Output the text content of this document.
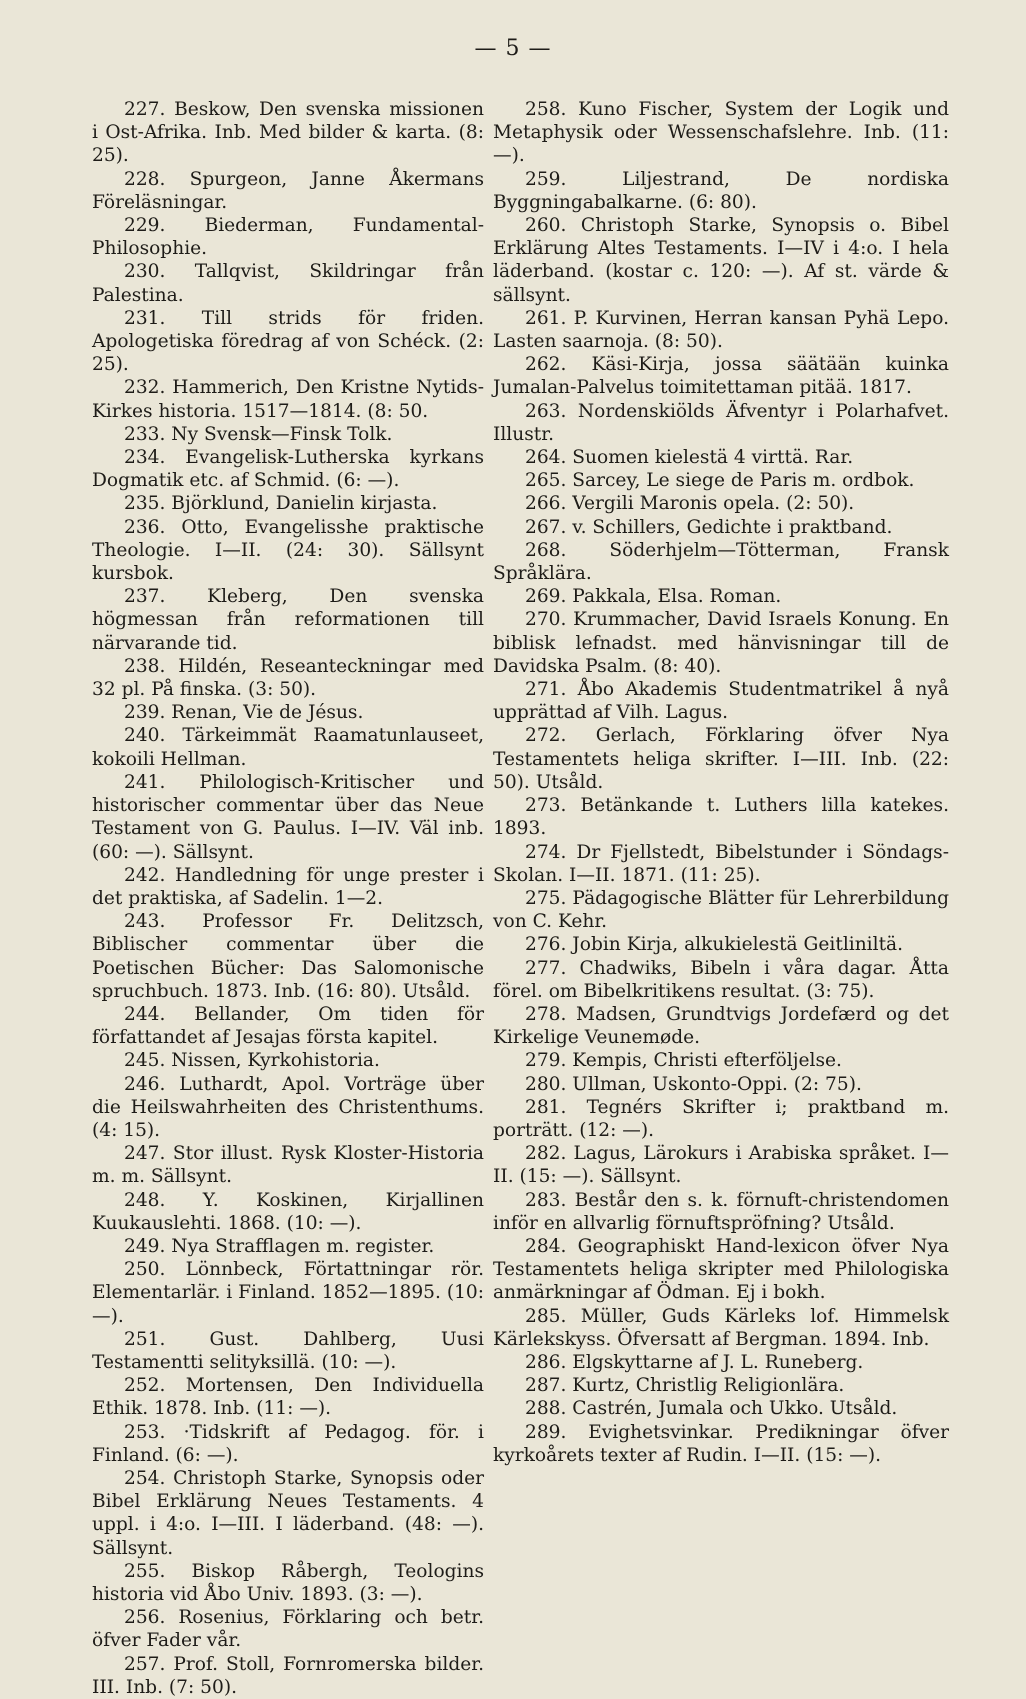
— 5 —

227. Beskow, Den svenska missionen i Ost-Afrika. Inb. Med bilder & karta. (8: 25).

228. Spurgeon, Janne Åkermans Föreläsningar.

229. Biederman, Fundamental-Philosophie.

230. Tallqvist, Skildringar från Palestina.

231. Till strids för friden. Apologetiska föredrag af von Schéck. (2: 25).

232. Hammerich, Den Kristne Nytids-Kirkes historia. 1517—1814. (8: 50.

233. Ny Svensk—Finsk Tolk.

234. Evangelisk-Lutherska kyrkans Dogmatik etc. af Schmid. (6: —).

235. Björklund, Danielin kirjasta.

236. Otto, Evangelisshe praktische Theologie. I—II. (24: 30). Sällsynt kursbok.

237. Kleberg, Den svenska högmessan från reformationen till närvarande tid.

238. Hildén, Reseanteckningar med 32 pl. På finska. (3: 50).

239. Renan, Vie de Jésus.

240. Tärkeimmät Raamatunlauseet, kokoili Hellman.

241. Philologisch-Kritischer und historischer commentar über das Neue Testament von G. Paulus. I—IV. Väl inb. (60: —). Sällsynt.

242. Handledning för unge prester i det praktiska, af Sadelin. 1—2.

243. Professor Fr. Delitzsch, Biblischer commentar über die Poetischen Bücher: Das Salomonische spruchbuch. 1873. Inb. (16: 80). Utsåld.

244. Bellander, Om tiden för författandet af Jesajas första kapitel.

245. Nissen, Kyrkohistoria.

246. Luthardt, Apol. Vorträge über die Heilswahrheiten des Christenthums. (4: 15).

247. Stor illust. Rysk Kloster-Historia m. m. Sällsynt.

248. Y. Koskinen, Kirjallinen Kuukauslehti. 1868. (10: —).

249. Nya Strafflagen m. register.

250. Lönnbeck, Förtattningar rör. Elementarlär. i Finland. 1852—1895. (10: —).

251. Gust. Dahlberg, Uusi Testamentti selityksillä. (10: —).

252. Mortensen, Den Individuella Ethik. 1878. Inb. (11: —).

253. ·Tidskrift af Pedagog. för. i Finland. (6: —).

254. Christoph Starke, Synopsis oder Bibel Erklärung Neues Testaments. 4 uppl. i 4:o. I—III. I läderband. (48: —). Sällsynt.

255. Biskop Råbergh, Teologins historia vid Åbo Univ. 1893. (3: —).

256. Rosenius, Förklaring och betr. öfver Fader vår.

257. Prof. Stoll, Fornromerska bilder. III. Inb. (7: 50).

258. Kuno Fischer, System der Logik und Metaphysik oder Wessenschafslehre. Inb. (11: —).

259. Liljestrand, De nordiska Byggningabalkarne. (6: 80).

260. Christoph Starke, Synopsis o. Bibel Erklärung Altes Testaments. I—IV i 4:o. I hela läderband. (kostar c. 120: —). Af st. värde & sällsynt.

261. P. Kurvinen, Herran kansan Pyhä Lepo. Lasten saarnoja. (8: 50).

262. Käsi-Kirja, jossa säätään kuinka Jumalan-Palvelus toimitettaman pitää. 1817.

263. Nordenskiölds Äfventyr i Polarhafvet. Illustr.

264. Suomen kielestä 4 virttä. Rar.

265. Sarcey, Le siege de Paris m. ordbok.

266. Vergili Maronis opela. (2: 50).

267. v. Schillers, Gedichte i praktband.

268. Söderhjelm—Tötterman, Fransk Språklära.

269. Pakkala, Elsa. Roman.

270. Krummacher, David Israels Konung. En biblisk lefnadst. med hänvisningar till de Davidska Psalm. (8: 40).

271. Åbo Akademis Studentmatrikel å nyå upprättad af Vilh. Lagus.

272. Gerlach, Förklaring öfver Nya Testamentets heliga skrifter. I—III. Inb. (22: 50). Utsåld.

273. Betänkande t. Luthers lilla katekes. 1893.

274. Dr Fjellstedt, Bibelstunder i Söndags-Skolan. I—II. 1871. (11: 25).

275. Pädagogische Blätter für Lehrerbildung von C. Kehr.

276. Jobin Kirja, alkukielestä Geitliniltä.

277. Chadwiks, Bibeln i våra dagar. Åtta förel. om Bibelkritikens resultat. (3: 75).

278. Madsen, Grundtvigs Jordefærd og det Kirkelige Veunemøde.

279. Kempis, Christi efterföljelse.

280. Ullman, Uskonto-Oppi. (2: 75).

281. Tegnérs Skrifter i; praktband m. porträtt. (12: —).

282. Lagus, Lärokurs i Arabiska språket. I—II. (15: —). Sällsynt.

283. Består den s. k. förnuft-christendomen inför en allvarlig förnuftspröfning? Utsåld.

284. Geographiskt Hand-lexicon öfver Nya Testamentets heliga skripter med Philologiska anmärkningar af Ödman. Ej i bokh.

285. Müller, Guds Kärleks lof. Himmelsk Kärlekskyss. Öfversatt af Bergman. 1894. Inb.

286. Elgskyttarne af J. L. Runeberg.

287. Kurtz, Christlig Religionlära.

288. Castrén, Jumala och Ukko. Utsåld.

289. Evighetsvinkar. Predikningar öfver kyrkoårets texter af Rudin. I—II. (15: —).
